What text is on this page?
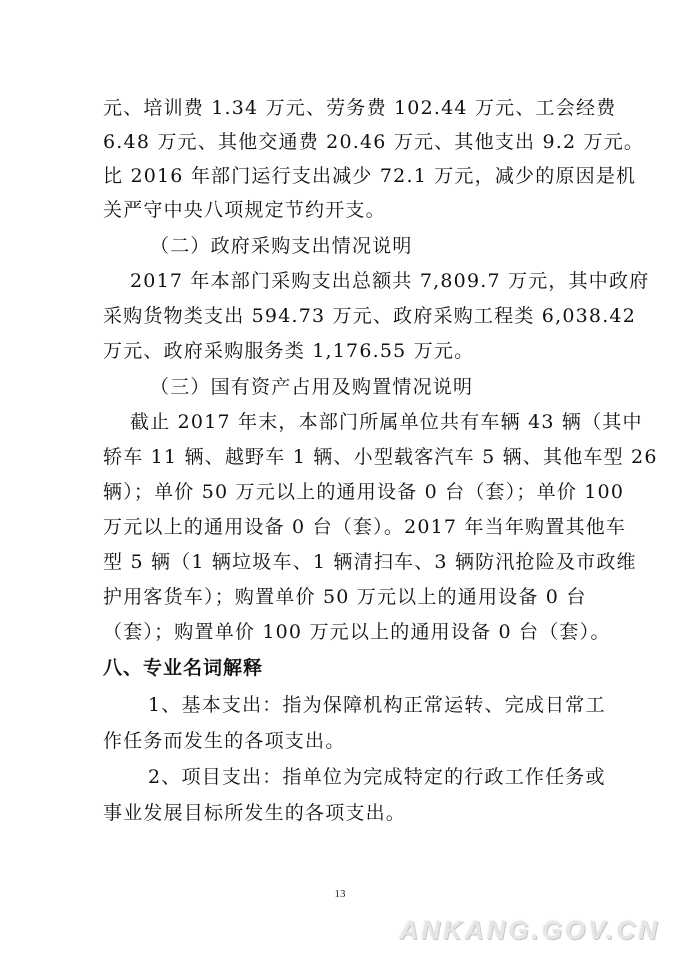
元、培训费 1.34 万元、劳务费 102.44 万元、工会经费
6.48 万元、其他交通费 20.46 万元、其他支出 9.2 万元。
比 2016 年部门运行支出减少 72.1 万元，减少的原因是机
关严守中央八项规定节约开支。
（二）政府采购支出情况说明
2017 年本部门采购支出总额共 7,809.7 万元，其中政府
采购货物类支出 594.73 万元、政府采购工程类 6,038.42
万元、政府采购服务类 1,176.55 万元。
（三）国有资产占用及购置情况说明
截止 2017 年末，本部门所属单位共有车辆 43 辆（其中
轿车 11 辆、越野车 1 辆、小型载客汽车 5 辆、其他车型 26
辆）；单价 50 万元以上的通用设备 0 台（套）；单价 100
万元以上的通用设备 0 台（套）。2017 年当年购置其他车
型 5 辆（1 辆垃圾车、1 辆清扫车、3 辆防汛抢险及市政维
护用客货车）；购置单价 50 万元以上的通用设备 0 台
（套）；购置单价 100 万元以上的通用设备 0 台（套）。
八、专业名词解释
1、基本支出：指为保障机构正常运转、完成日常工
作任务而发生的各项支出。
2、项目支出：指单位为完成特定的行政工作任务或
事业发展目标所发生的各项支出。
13
ANKANG.GOV.CN
